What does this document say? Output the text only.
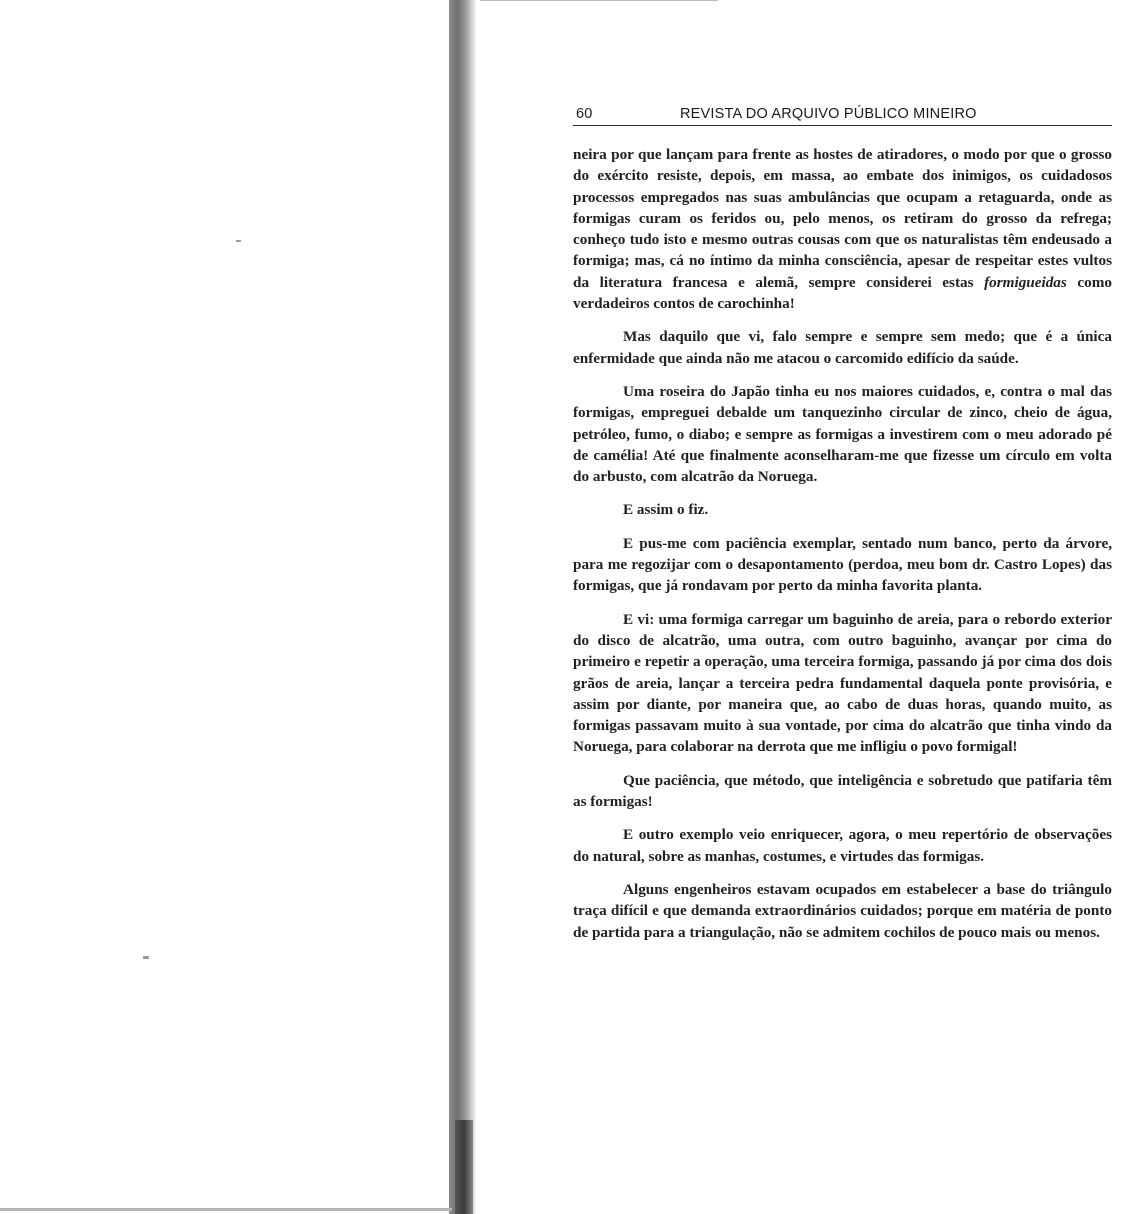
60	REVISTA DO ARQUIVO PÚBLICO MINEIRO

neira por que lançam para frente as hostes de atiradores, o modo por que o grosso do exército resiste, depois, em massa, ao embate dos inimigos, os cuidadosos processos empregados nas suas ambulâncias que ocupam a retaguarda, onde as formigas curam os feridos ou, pelo menos, os retiram do grosso da refrega; conheço tudo isto e mesmo outras cousas com que os naturalistas têm endeusado a formiga; mas, cá no íntimo da minha consciência, apesar de respeitar estes vultos da literatura francesa e alemã, sempre considerei estas formigueidas como verdadeiros contos de carochinha!

Mas daquilo que vi, falo sempre e sempre sem medo; que é a única enfermidade que ainda não me atacou o carcomido edifício da saúde.

Uma roseira do Japão tinha eu nos maiores cuidados, e, contra o mal das formigas, empreguei debalde um tanquezinho circular de zinco, cheio de água, petróleo, fumo, o diabo; e sempre as formigas a investirem com o meu adorado pé de camélia! Até que finalmente aconselharam-me que fizesse um círculo em volta do arbusto, com alcatrão da Noruega.

E assim o fiz.

E pus-me com paciência exemplar, sentado num banco, perto da árvore, para me regozijar com o desapontamento (perdoa, meu bom dr. Castro Lopes) das formigas, que já rondavam por perto da minha favorita planta.

E vi: uma formiga carregar um baguinho de areia, para o rebordo exterior do disco de alcatrão, uma outra, com outro baguinho, avançar por cima do primeiro e repetir a operação, uma terceira formiga, passando já por cima dos dois grãos de areia, lançar a terceira pedra fundamental daquela ponte provisória, e assim por diante, por maneira que, ao cabo de duas horas, quando muito, as formigas passavam muito à sua vontade, por cima do alcatrão que tinha vindo da Noruega, para colaborar na derrota que me infligiu o povo formigal!

Que paciência, que método, que inteligência e sobretudo que patifaria têm as formigas!

E outro exemplo veio enriquecer, agora, o meu repertório de observações do natural, sobre as manhas, costumes, e virtudes das formigas.

Alguns engenheiros estavam ocupados em estabelecer a base do triângulo traça difícil e que demanda extraordinários cuidados; porque em matéria de ponto de partida para a triangulação, não se admitem cochilos de pouco mais ou menos.
